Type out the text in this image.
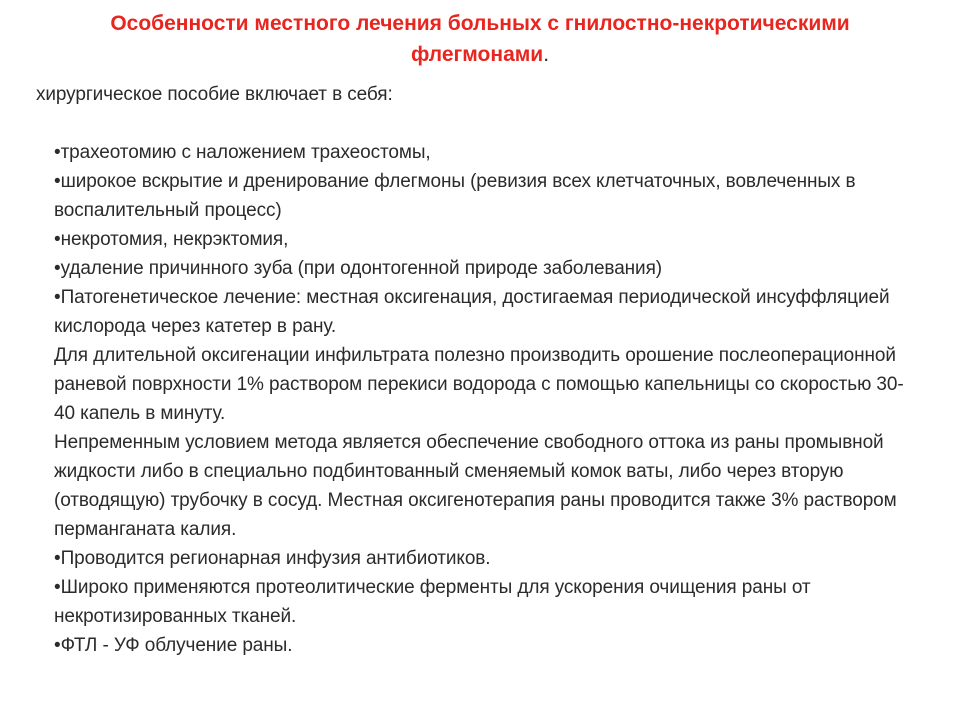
Особенности местного лечения больных с гнилостно-некротическими флегмонами.

хирургическое пособие включает в себя:

•трахеотомию с наложением трахеостомы,

•широкое вскрытие и дренирование флегмоны (ревизия всех клетчаточных, вовлеченных в воспалительный процесс)

•некротомия, некрэктомия,

•удаление причинного зуба (при одонтогенной природе заболевания)

•Патогенетическое лечение: местная оксигенация, достигаемая периодической инсуффляцией кислорода через катетер в рану.

Для длительной оксигенации инфильтрата полезно производить орошение послеоперационной раневой поврхности 1% раствором перекиси водорода с помощью капельницы со скоростью 30-40 капель в минуту.

Непременным условием метода является обеспечение свободного оттока из раны промывной жидкости либо в специально подбинтованный сменяемый комок ваты, либо через вторую (отводящую) трубочку в сосуд. Местная оксигенотерапия раны проводится также 3% раствором перманганата калия.

•Проводится регионарная инфузия антибиотиков.

•Широко применяются протеолитические ферменты для ускорения очищения раны от некротизированных тканей.

•ФТЛ - УФ облучение раны.
